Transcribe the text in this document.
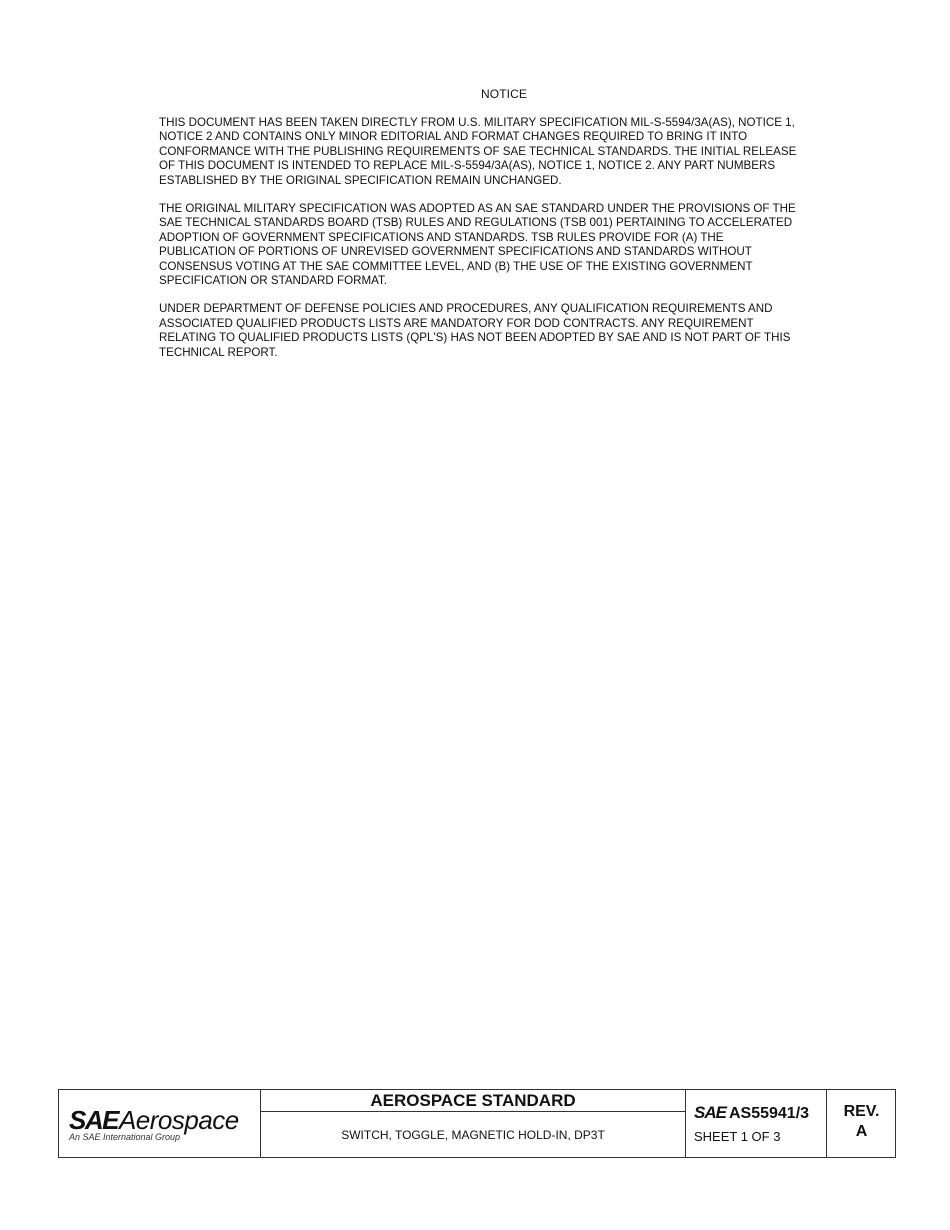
NOTICE

THIS DOCUMENT HAS BEEN TAKEN DIRECTLY FROM U.S. MILITARY SPECIFICATION MIL-S-5594/3A(AS), NOTICE 1,
NOTICE 2 AND CONTAINS ONLY MINOR EDITORIAL AND FORMAT CHANGES REQUIRED TO BRING IT INTO
CONFORMANCE WITH THE PUBLISHING REQUIREMENTS OF SAE TECHNICAL STANDARDS. THE INITIAL RELEASE
OF THIS DOCUMENT IS INTENDED TO REPLACE MIL-S-5594/3A(AS), NOTICE 1, NOTICE 2. ANY PART NUMBERS
ESTABLISHED BY THE ORIGINAL SPECIFICATION REMAIN UNCHANGED.

THE ORIGINAL MILITARY SPECIFICATION WAS ADOPTED AS AN SAE STANDARD UNDER THE PROVISIONS OF THE
SAE TECHNICAL STANDARDS BOARD (TSB) RULES AND REGULATIONS (TSB 001) PERTAINING TO ACCELERATED
ADOPTION OF GOVERNMENT SPECIFICATIONS AND STANDARDS. TSB RULES PROVIDE FOR (A) THE
PUBLICATION OF PORTIONS OF UNREVISED GOVERNMENT SPECIFICATIONS AND STANDARDS WITHOUT
CONSENSUS VOTING AT THE SAE COMMITTEE LEVEL, AND (B) THE USE OF THE EXISTING GOVERNMENT
SPECIFICATION OR STANDARD FORMAT.

UNDER DEPARTMENT OF DEFENSE POLICIES AND PROCEDURES, ANY QUALIFICATION REQUIREMENTS AND
ASSOCIATED QUALIFIED PRODUCTS LISTS ARE MANDATORY FOR DOD CONTRACTS. ANY REQUIREMENT
RELATING TO QUALIFIED PRODUCTS LISTS (QPL'S) HAS NOT BEEN ADOPTED BY SAE AND IS NOT PART OF THIS
TECHNICAL REPORT.

SAEAerospace
An SAE International Group
AEROSPACE STANDARD
SWITCH, TOGGLE, MAGNETIC HOLD-IN, DP3T
SAE AS55941/3
SHEET 1 OF 3
REV.
A
